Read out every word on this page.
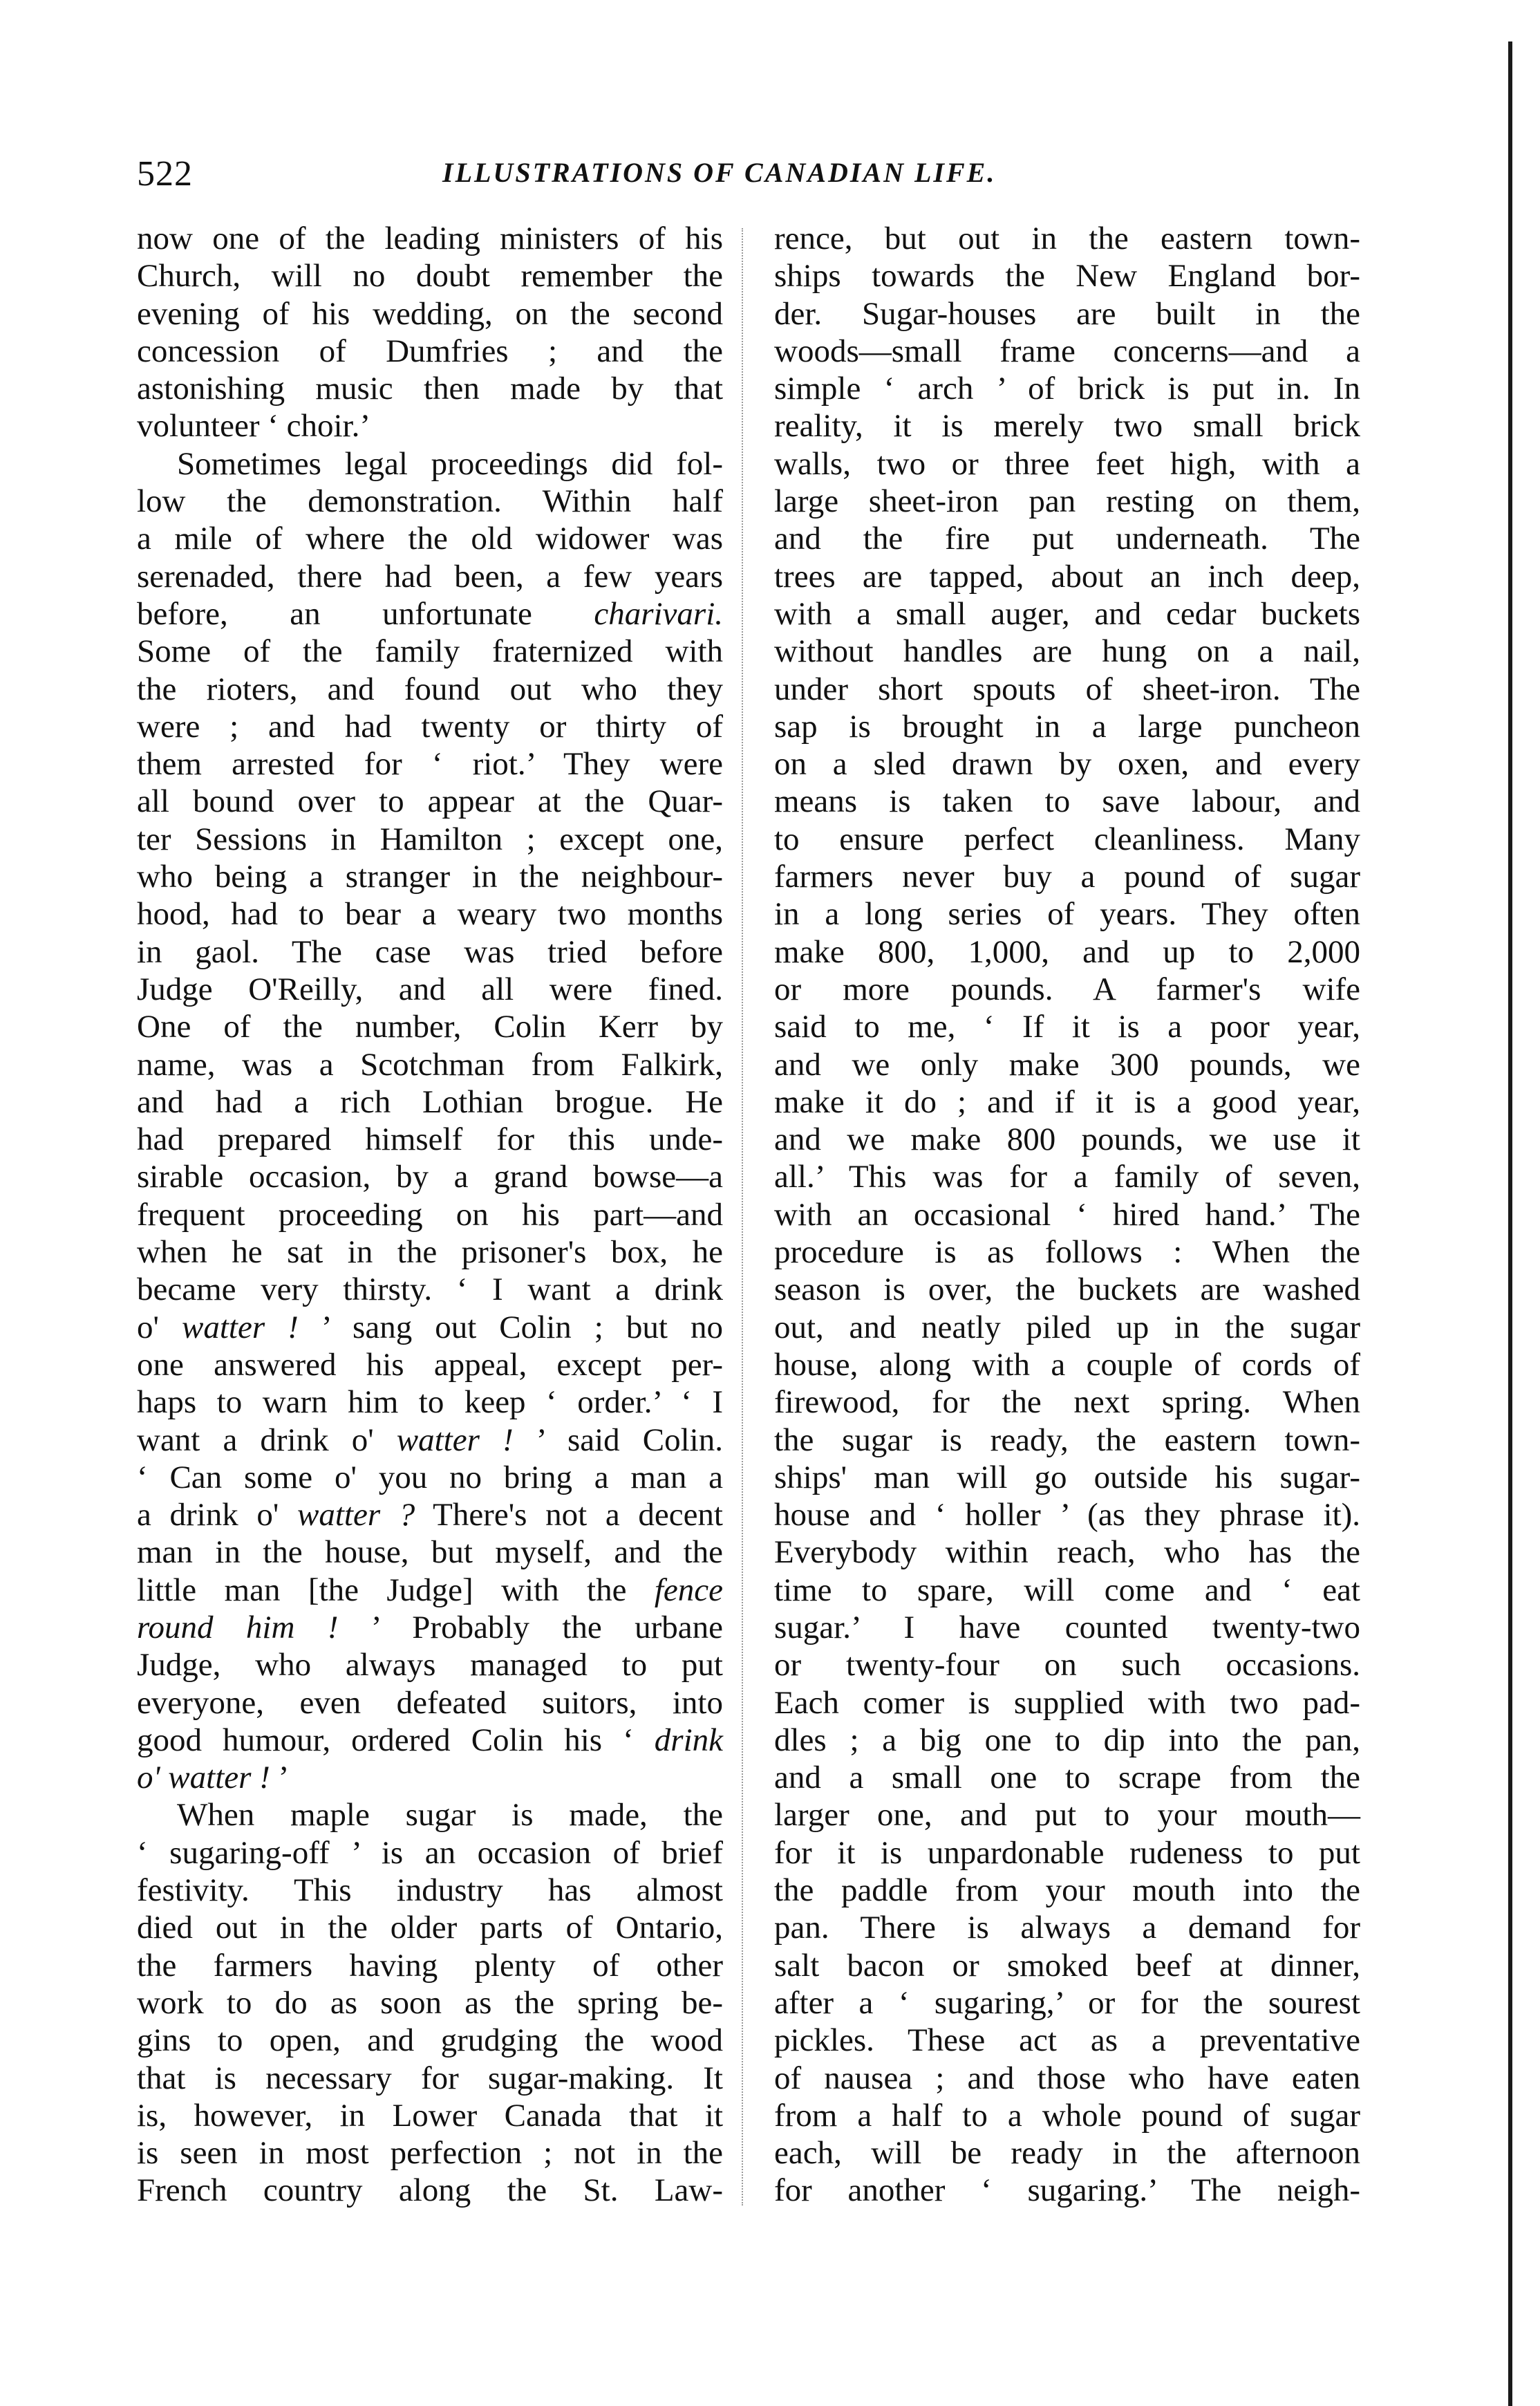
522	ILLUSTRATIONS OF CANADIAN LIFE.

now one of the leading ministers of his

Church, will no doubt remember the

evening of his wedding, on the second

concession of Dumfries ; and the

astonishing music then made by that

volunteer ‘ choir.’

Sometimes legal proceedings did fol-

low the demonstration. Within half

a mile of where the old widower was

serenaded, there had been, a few years

before, an unfortunate charivari.

Some of the family fraternized with

the rioters, and found out who they

were ; and had twenty or thirty of

them arrested for ‘ riot.’ They were

all bound over to appear at the Quar-

ter Sessions in Hamilton ; except one,

who being a stranger in the neighbour-

hood, had to bear a weary two months

in gaol. The case was tried before

Judge O'Reilly, and all were fined.

One of the number, Colin Kerr by

name, was a Scotchman from Falkirk,

and had a rich Lothian brogue. He

had prepared himself for this unde-

sirable occasion, by a grand bowse—a

frequent proceeding on his part—and

when he sat in the prisoner's box, he

became very thirsty. ‘ I want a drink

o' watter ! ’ sang out Colin ; but no

one answered his appeal, except per-

haps to warn him to keep ‘ order.’ ‘ I

want a drink o' watter ! ’ said Colin.

‘ Can some o' you no bring a man a

a drink o' watter ? There's not a decent

man in the house, but myself, and the

little man [the Judge] with the fence

round him ! ’ Probably the urbane

Judge, who always managed to put

everyone, even defeated suitors, into

good humour, ordered Colin his ‘ drink

o' watter ! ’

When maple sugar is made, the

‘ sugaring-off ’ is an occasion of brief

festivity. This industry has almost

died out in the older parts of Ontario,

the farmers having plenty of other

work to do as soon as the spring be-

gins to open, and grudging the wood

that is necessary for sugar-making. It

is, however, in Lower Canada that it

is seen in most perfection ; not in the

French country along the St. Law-

rence, but out in the eastern town-

ships towards the New England bor-

der. Sugar-houses are built in the

woods—small frame concerns—and a

simple ‘ arch ’ of brick is put in. In

reality, it is merely two small brick

walls, two or three feet high, with a

large sheet-iron pan resting on them,

and the fire put underneath. The

trees are tapped, about an inch deep,

with a small auger, and cedar buckets

without handles are hung on a nail,

under short spouts of sheet-iron. The

sap is brought in a large puncheon

on a sled drawn by oxen, and every

means is taken to save labour, and

to ensure perfect cleanliness. Many

farmers never buy a pound of sugar

in a long series of years. They often

make 800, 1,000, and up to 2,000

or more pounds. A farmer's wife

said to me, ‘ If it is a poor year,

and we only make 300 pounds, we

make it do ; and if it is a good year,

and we make 800 pounds, we use it

all.’ This was for a family of seven,

with an occasional ‘ hired hand.’ The

procedure is as follows : When the

season is over, the buckets are washed

out, and neatly piled up in the sugar

house, along with a couple of cords of

firewood, for the next spring. When

the sugar is ready, the eastern town-

ships' man will go outside his sugar-

house and ‘ holler ’ (as they phrase it).

Everybody within reach, who has the

time to spare, will come and ‘ eat

sugar.’ I have counted twenty-two

or twenty-four on such occasions.

Each comer is supplied with two pad-

dles ; a big one to dip into the pan,

and a small one to scrape from the

larger one, and put to your mouth—

for it is unpardonable rudeness to put

the paddle from your mouth into the

pan. There is always a demand for

salt bacon or smoked beef at dinner,

after a ‘ sugaring,’ or for the sourest

pickles. These act as a preventative

of nausea ; and those who have eaten

from a half to a whole pound of sugar

each, will be ready in the afternoon

for another ‘ sugaring.’ The neigh-
